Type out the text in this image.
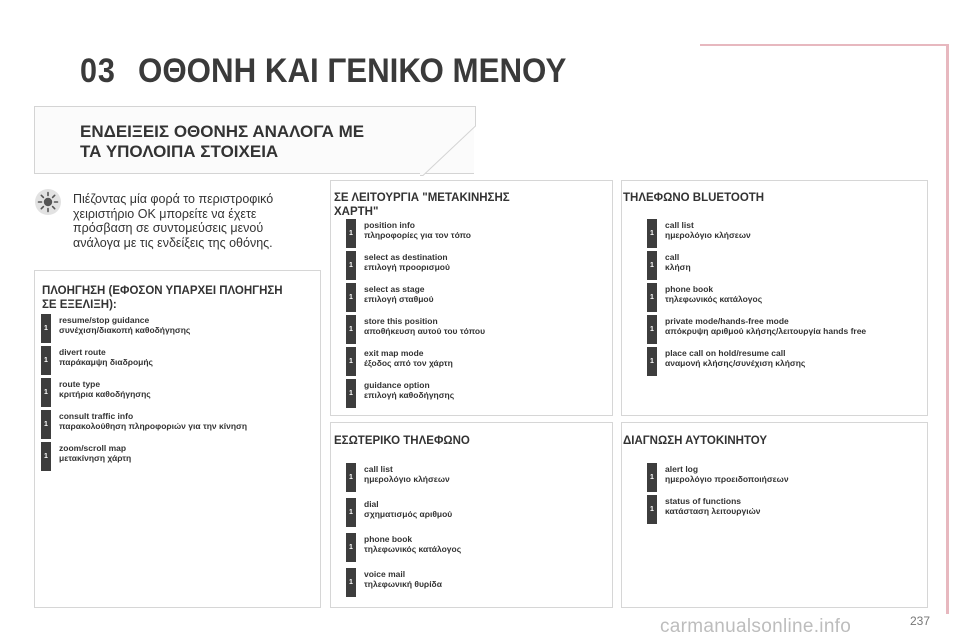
03 ΟΘΟΝΗ ΚΑΙ ΓΕΝΙΚΟ ΜΕΝΟΥ
ΕΝΔΕΙΞΕΙΣ ΟΘΟΝΗΣ ΑΝΑΛΟΓΑ ΜΕ
ΤΑ ΥΠΟΛΟΙΠΑ ΣΤΟΙΧΕΙΑ
Πιέζοντας μία φορά το περιστροφικό
χειριστήριο OK μπορείτε να έχετε
πρόσβαση σε συντομεύσεις μενού
ανάλογα με τις ενδείξεις της οθόνης.
ΠΛΟΗΓΗΣΗ (ΕΦΟΣΟΝ ΥΠΑΡΧΕΙ ΠΛΟΗΓΗΣΗ
ΣΕ ΕΞΕΛΙΞΗ):
ΣΕ ΛΕΙΤΟΥΡΓΙΑ "ΜΕΤΑΚΙΝΗΣΗΣ
ΧΑΡΤΗ"
ΕΣΩΤΕΡΙΚΟ ΤΗΛΕΦΩΝΟ
ΤΗΛΕΦΩΝΟ BLUETOOTH
ΔΙΑΓΝΩΣΗ ΑΥΤΟΚΙΝΗΤΟΥ
carmanualsonline.info	237
1
resume/stop guidance
συνέχιση/διακοπή καθοδήγησης
1
divert route
παράκαμψη διαδρομής
1
route type
κριτήρια καθοδήγησης
1
consult traffic info
παρακολούθηση πληροφοριών για την κίνηση
1
zoom/scroll map
μετακίνηση χάρτη
1
position info
πληροφορίες για τον τόπο
1
select as destination
επιλογή προορισμού
1
select as stage
επιλογή σταθμού
1
store this position
αποθήκευση αυτού του τόπου
1
exit map mode
έξοδος από τον χάρτη
1
guidance option
επιλογή καθοδήγησης
1
call list
ημερολόγιο κλήσεων
1
dial
σχηματισμός αριθμού
1
phone book
τηλεφωνικός κατάλογος
1
voice mail
τηλεφωνική θυρίδα
1
call list
ημερολόγιο κλήσεων
1
call
κλήση
1
phone book
τηλεφωνικός κατάλογος
1
private mode/hands-free mode
απόκρυψη αριθμού κλήσης/λειτουργία hands free
1
place call on hold/resume call
αναμονή κλήσης/συνέχιση κλήσης
1
alert log
ημερολόγιο προειδοποιήσεων
1
status of functions
κατάσταση λειτουργιών
